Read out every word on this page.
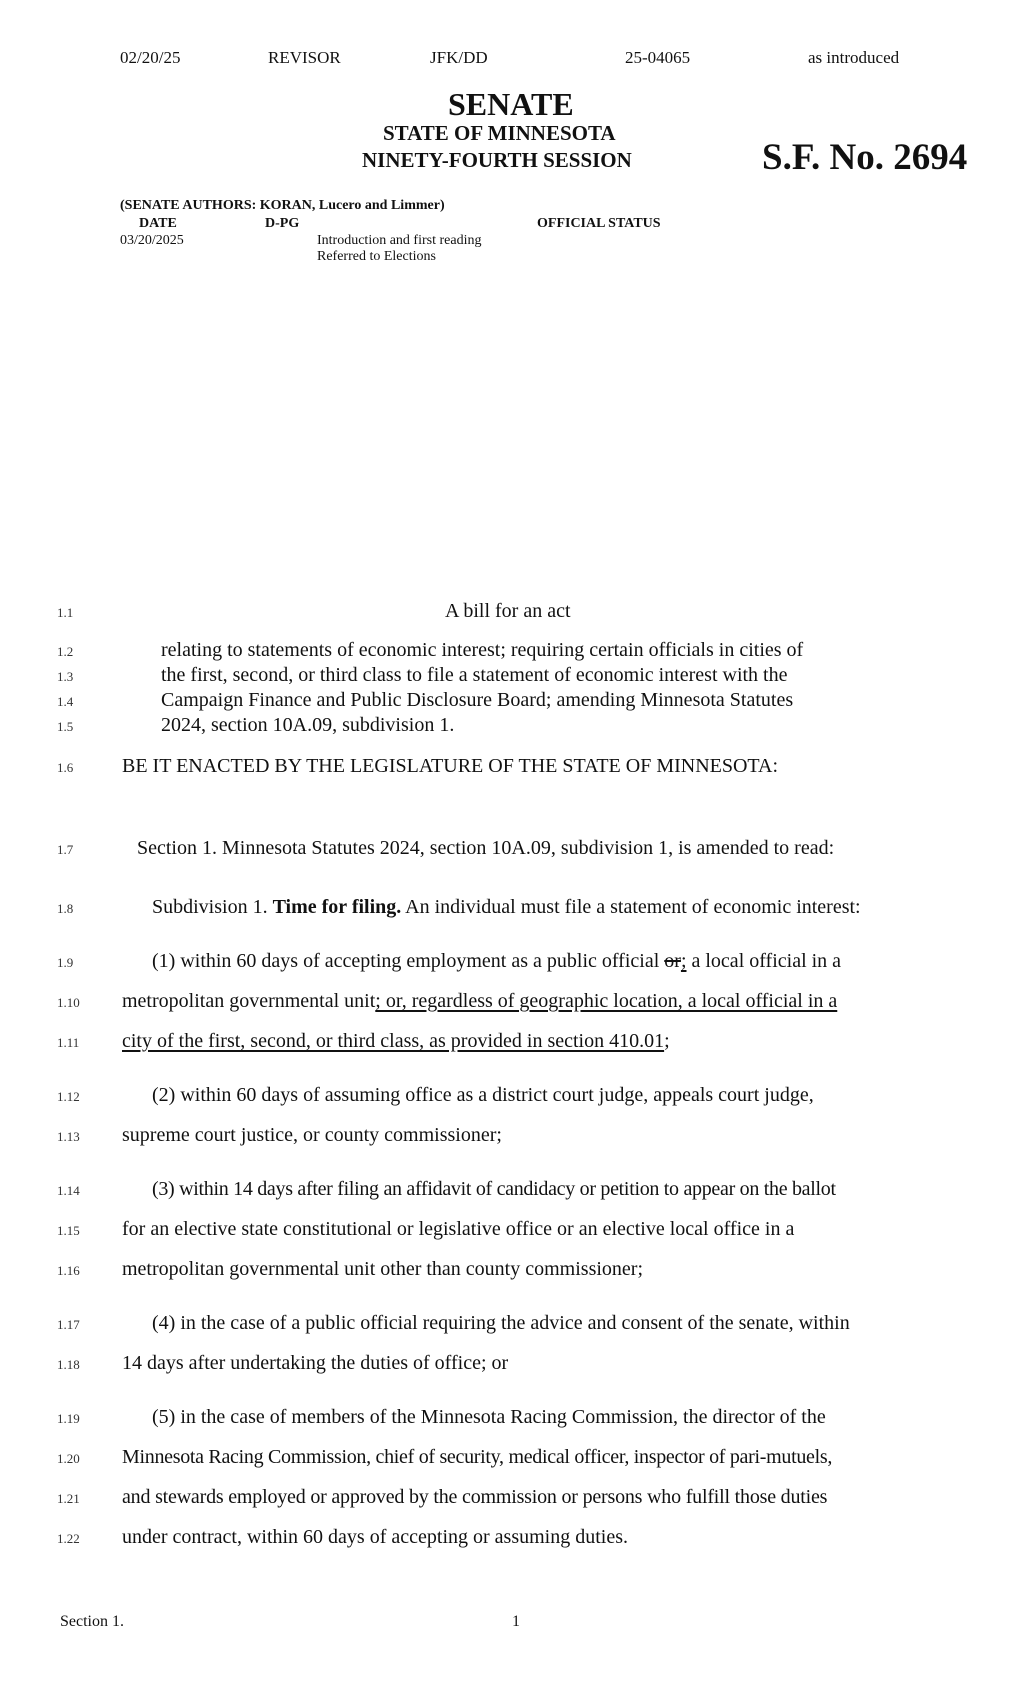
02/20/25	REVISOR	JFK/DD	25-04065	as introduced
SENATE
STATE OF MINNESOTA
NINETY-FOURTH SESSION	S.F. No. 2694
(SENATE AUTHORS: KORAN, Lucero and Limmer)
DATE	D-PG	OFFICIAL STATUS
03/20/2025	Introduction and first reading
Referred to Elections
1.1	A bill for an act
1.2	relating to statements of economic interest; requiring certain officials in cities of
1.3	the first, second, or third class to file a statement of economic interest with the
1.4	Campaign Finance and Public Disclosure Board; amending Minnesota Statutes
1.5	2024, section 10A.09, subdivision 1.
1.6 BE IT ENACTED BY THE LEGISLATURE OF THE STATE OF MINNESOTA:
1.7	Section 1. Minnesota Statutes 2024, section 10A.09, subdivision 1, is amended to read:
1.8	Subdivision 1. Time for filing. An individual must file a statement of economic interest:
1.9	(1) within 60 days of accepting employment as a public official or; a local official in a
1.10 metropolitan governmental unit; or, regardless of geographic location, a local official in a
1.11 city of the first, second, or third class, as provided in section 410.01;
1.12	(2) within 60 days of assuming office as a district court judge, appeals court judge,
1.13 supreme court justice, or county commissioner;
1.14	(3) within 14 days after filing an affidavit of candidacy or petition to appear on the ballot
1.15 for an elective state constitutional or legislative office or an elective local office in a
1.16 metropolitan governmental unit other than county commissioner;
1.17	(4) in the case of a public official requiring the advice and consent of the senate, within
1.18 14 days after undertaking the duties of office; or
1.19	(5) in the case of members of the Minnesota Racing Commission, the director of the
1.20 Minnesota Racing Commission, chief of security, medical officer, inspector of pari-mutuels,
1.21 and stewards employed or approved by the commission or persons who fulfill those duties
1.22 under contract, within 60 days of accepting or assuming duties.
Section 1.	1
